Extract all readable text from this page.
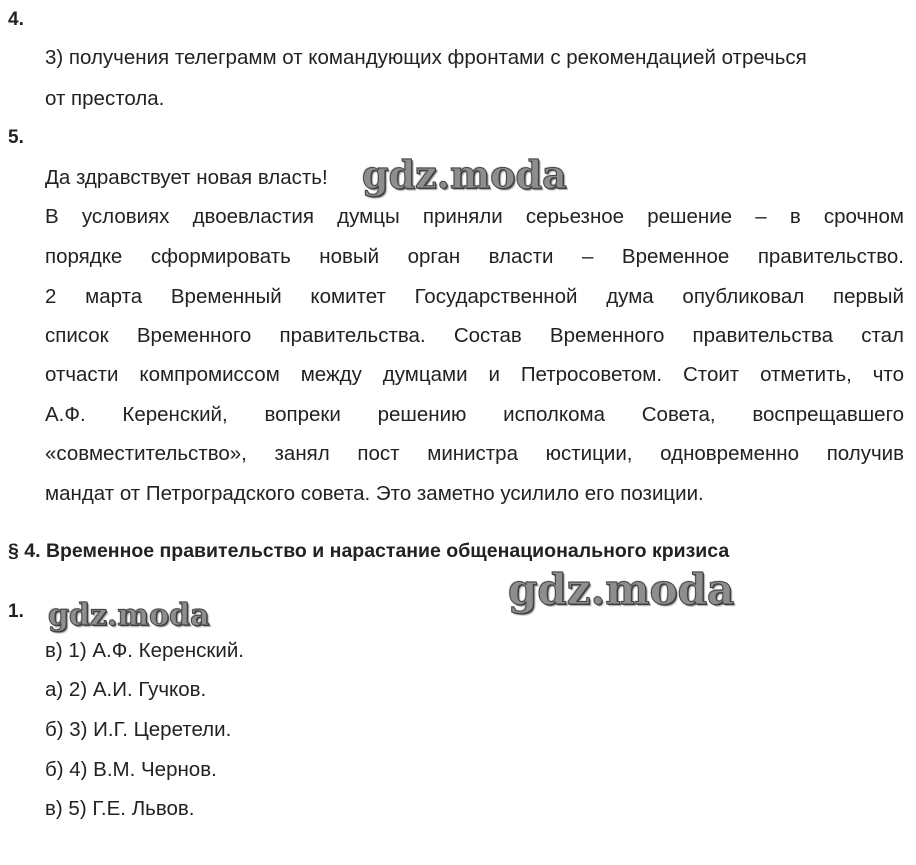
4.

3) получения телеграмм от командующих фронтами с рекомендацией отречься

от престола.

5.

Да здравствует новая власть!

В условиях двоевластия думцы приняли серьезное решение – в срочном

порядке сформировать новый орган власти – Временное правительство.

2 марта Временный комитет Государственной дума опубликовал первый

список Временного правительства. Состав Временного правительства стал

отчасти компромиссом между думцами и Петросоветом. Стоит отметить, что

А.Ф. Керенский, вопреки решению исполкома Совета, воспрещавшего

«совместительство», занял пост министра юстиции, одновременно получив

мандат от Петроградского совета. Это заметно усилило его позиции.

§ 4. Временное правительство и нарастание общенационального кризиса

1.

в) 1) А.Ф. Керенский.

а) 2) А.И. Гучков.

б) 3) И.Г. Церетели.

б) 4) В.М. Чернов.

в) 5) Г.Е. Львов.

gdz.moda
gdz.moda
gdz.moda
